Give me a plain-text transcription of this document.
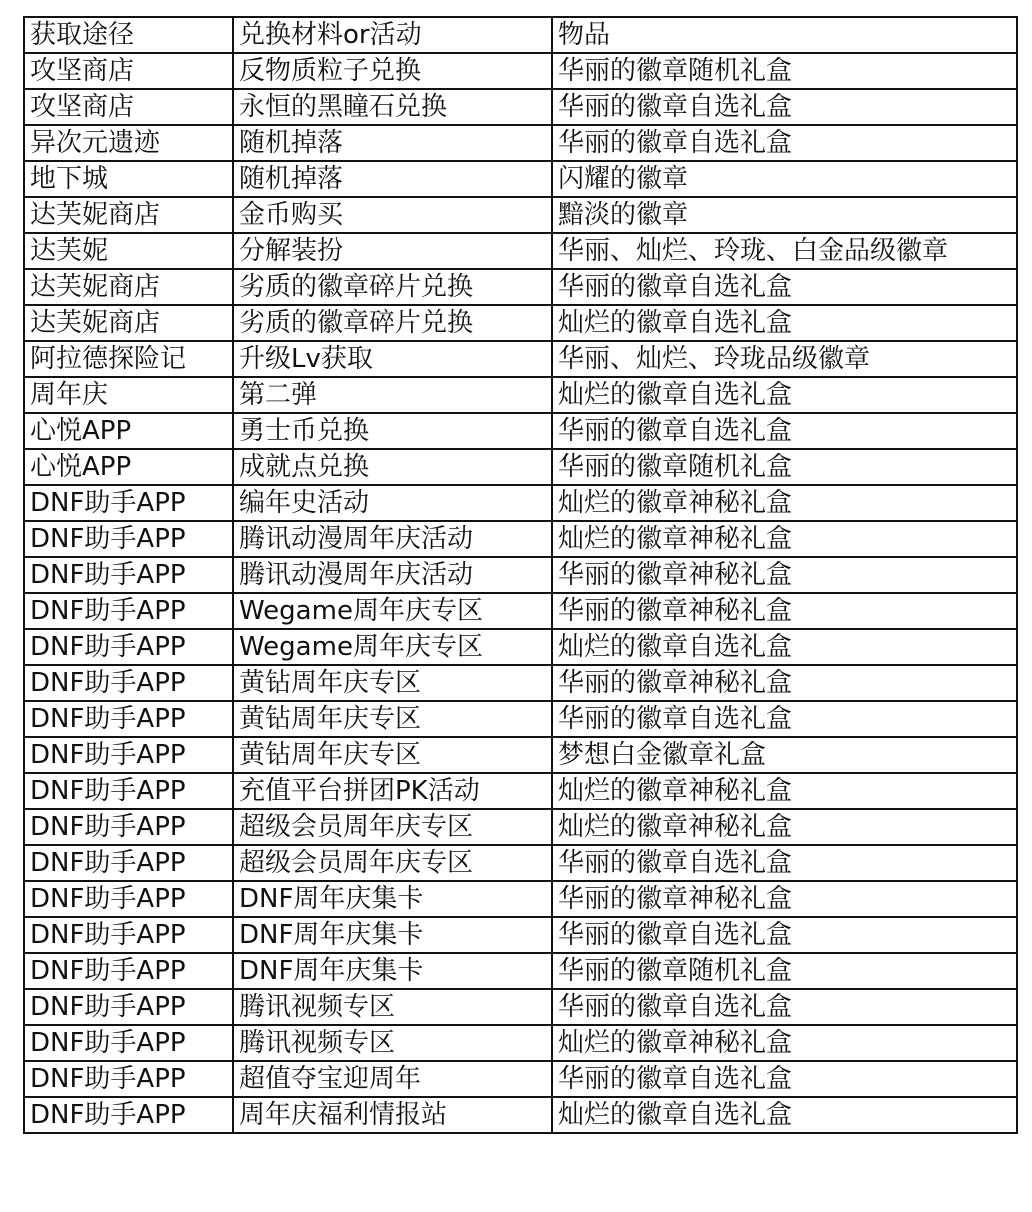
获取途径	兑换材料or活动	物品
攻坚商店	反物质粒子兑换	华丽的徽章随机礼盒
攻坚商店	永恒的黑瞳石兑换	华丽的徽章自选礼盒
异次元遗迹	随机掉落	华丽的徽章自选礼盒
地下城	随机掉落	闪耀的徽章
达芙妮商店	金币购买	黯淡的徽章
达芙妮	分解装扮	华丽、灿烂、玲珑、白金品级徽章
达芙妮商店	劣质的徽章碎片兑换	华丽的徽章自选礼盒
达芙妮商店	劣质的徽章碎片兑换	灿烂的徽章自选礼盒
阿拉德探险记	升级Lv获取	华丽、灿烂、玲珑品级徽章
周年庆	第二弹	灿烂的徽章自选礼盒
心悦APP	勇士币兑换	华丽的徽章自选礼盒
心悦APP	成就点兑换	华丽的徽章随机礼盒
DNF助手APP	编年史活动	灿烂的徽章神秘礼盒
DNF助手APP	腾讯动漫周年庆活动	灿烂的徽章神秘礼盒
DNF助手APP	腾讯动漫周年庆活动	华丽的徽章神秘礼盒
DNF助手APP	Wegame周年庆专区	华丽的徽章神秘礼盒
DNF助手APP	Wegame周年庆专区	灿烂的徽章自选礼盒
DNF助手APP	黄钻周年庆专区	华丽的徽章神秘礼盒
DNF助手APP	黄钻周年庆专区	华丽的徽章自选礼盒
DNF助手APP	黄钻周年庆专区	梦想白金徽章礼盒
DNF助手APP	充值平台拼团PK活动	灿烂的徽章神秘礼盒
DNF助手APP	超级会员周年庆专区	灿烂的徽章神秘礼盒
DNF助手APP	超级会员周年庆专区	华丽的徽章自选礼盒
DNF助手APP	DNF周年庆集卡	华丽的徽章神秘礼盒
DNF助手APP	DNF周年庆集卡	华丽的徽章自选礼盒
DNF助手APP	DNF周年庆集卡	华丽的徽章随机礼盒
DNF助手APP	腾讯视频专区	华丽的徽章自选礼盒
DNF助手APP	腾讯视频专区	灿烂的徽章神秘礼盒
DNF助手APP	超值夺宝迎周年	华丽的徽章自选礼盒
DNF助手APP	周年庆福利情报站	灿烂的徽章自选礼盒
